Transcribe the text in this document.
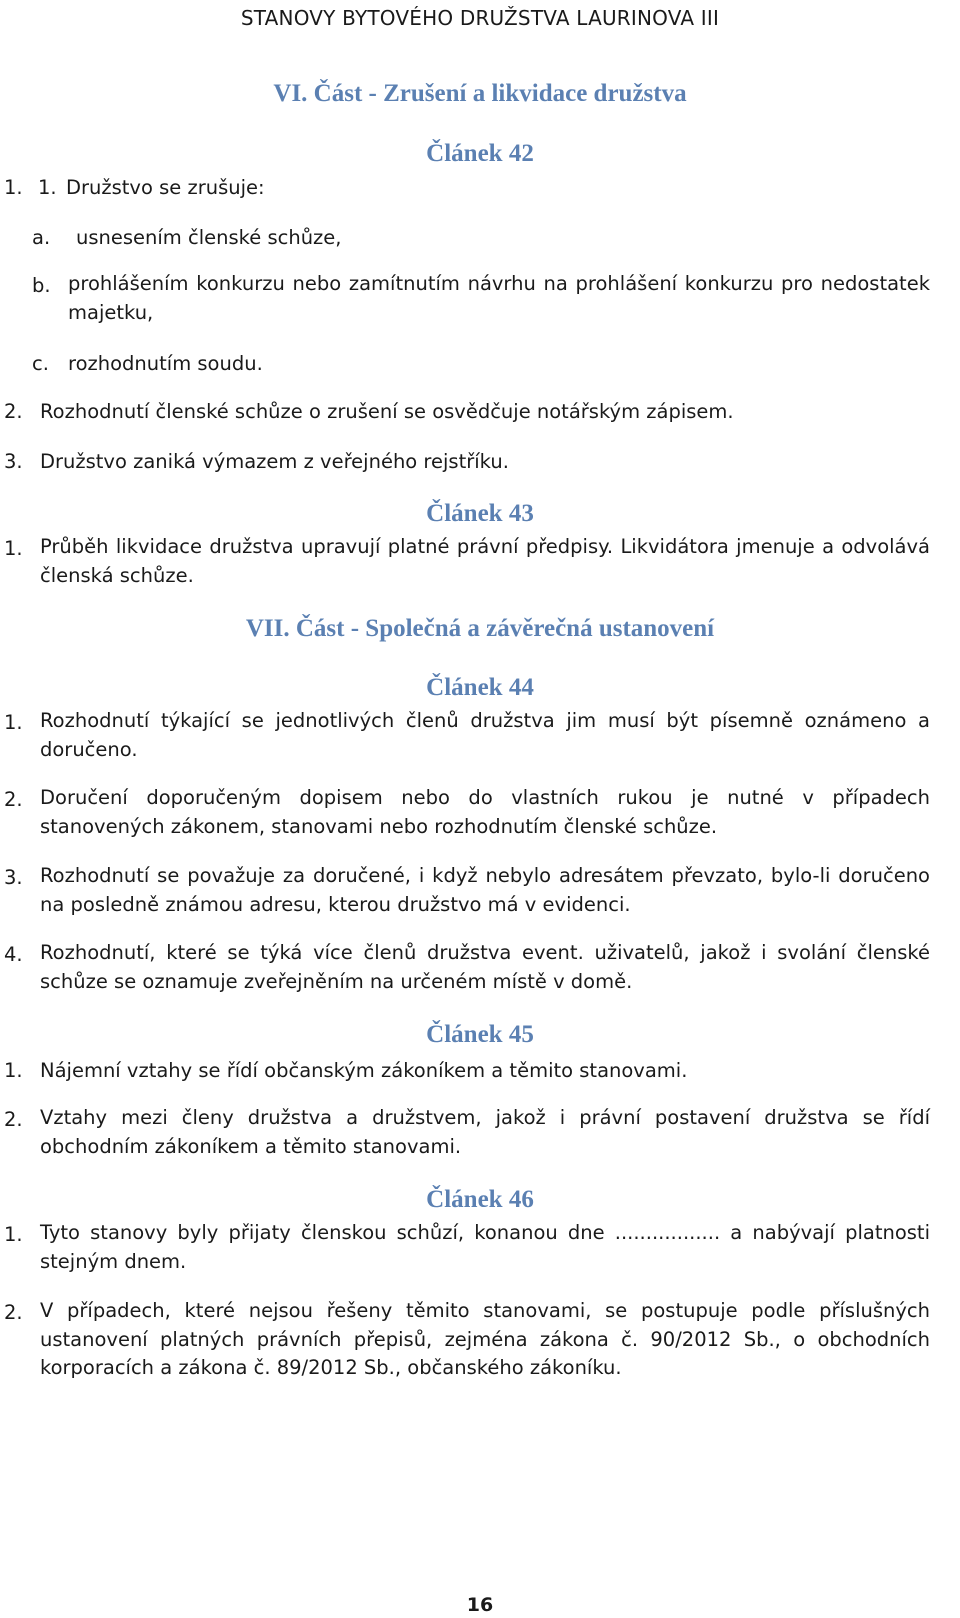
STANOVY BYTOVÉHO DRUŽSTVA LAURINOVA III
VI. Část - Zrušení a likvidace družstva
Článek 42
1. 1. Družstvo se zrušuje:
a. usnesením členské schůze,
b. prohlášením konkurzu nebo zamítnutím návrhu na prohlášení konkurzu pro nedostatek majetku,

c. rozhodnutím soudu.
2. Rozhodnutí členské schůze o zrušení se osvědčuje notářským zápisem.
3. Družstvo zaniká výmazem z veřejného rejstříku.
Článek 43
1. Průběh likvidace družstva upravují platné právní předpisy. Likvidátora jmenuje a odvolává členská schůze.

VII. Část - Společná a závěrečná ustanovení
Článek 44
1. Rozhodnutí týkající se jednotlivých členů družstva jim musí být písemně oznámeno a doručeno.

2. Doručení doporučeným dopisem nebo do vlastních rukou je nutné v případech stanovených zákonem, stanovami nebo rozhodnutím členské schůze.

3. Rozhodnutí se považuje za doručené, i když nebylo adresátem převzato, bylo-li doručeno na posledně známou adresu, kterou družstvo má v evidenci.

4. Rozhodnutí, které se týká více členů družstva event. uživatelů, jakož i svolání členské schůze se oznamuje zveřejněním na určeném místě v domě.

Článek 45
1. Nájemní vztahy se řídí občanským zákoníkem a těmito stanovami.
2. Vztahy mezi členy družstva a družstvem, jakož i právní postavení družstva se řídí obchodním zákoníkem a těmito stanovami.

Článek 46
1. Tyto stanovy byly přijaty členskou schůzí, konanou dne ................. a nabývají platnosti stejným dnem.

2. V případech, které nejsou řešeny těmito stanovami, se postupuje podle příslušných ustanovení platných právních přepisů, zejména zákona č. 90/2012 Sb., o obchodních korporacích a zákona č. 89/2012 Sb., občanského zákoníku.

16
